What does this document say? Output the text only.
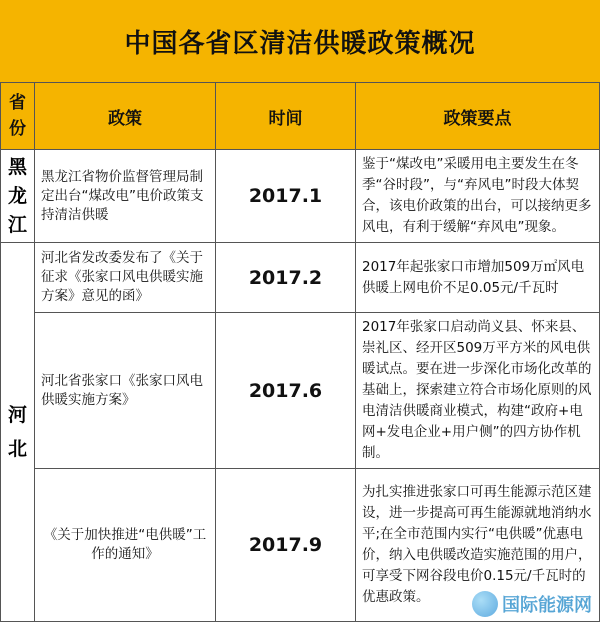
中国各省区清洁供暖政策概况
省份	政策	时间	政策要点
黑龙江	黑龙江省物价监督管理局制定出台“煤改电”电价政策支持清洁供暖	2017.1	鉴于“煤改电”采暖用电主要发生在冬季“谷时段”，与“弃风电”时段大体契合，该电价政策的出台，可以接纳更多风电，有利于缓解“弃风电”现象。
河北	河北省发改委发布了《关于征求《张家口风电供暖实施方案》意见的函》	2017.2	2017年起张家口市增加509万㎡风电供暖上网电价不足0.05元/千瓦时
	河北省张家口《张家口风电供暖实施方案》	2017.6	2017年张家口启动尚义县、怀来县、崇礼区、经开区509万平方米的风电供暖试点。要在进一步深化市场化改革的基础上，探索建立符合市场化原则的风电清洁供暖商业模式，构建“政府+电网+发电企业+用户侧”的四方协作机制。
	《关于加快推进“电供暖”工作的通知》	2017.9	为扎实推进张家口可再生能源示范区建设，进一步提高可再生能源就地消纳水平;在全市范围内实行“电供暖”优惠电价，纳入电供暖改造实施范围的用户，可享受下网谷段电价0.15元/千瓦时的优惠政策。	国际能源网
